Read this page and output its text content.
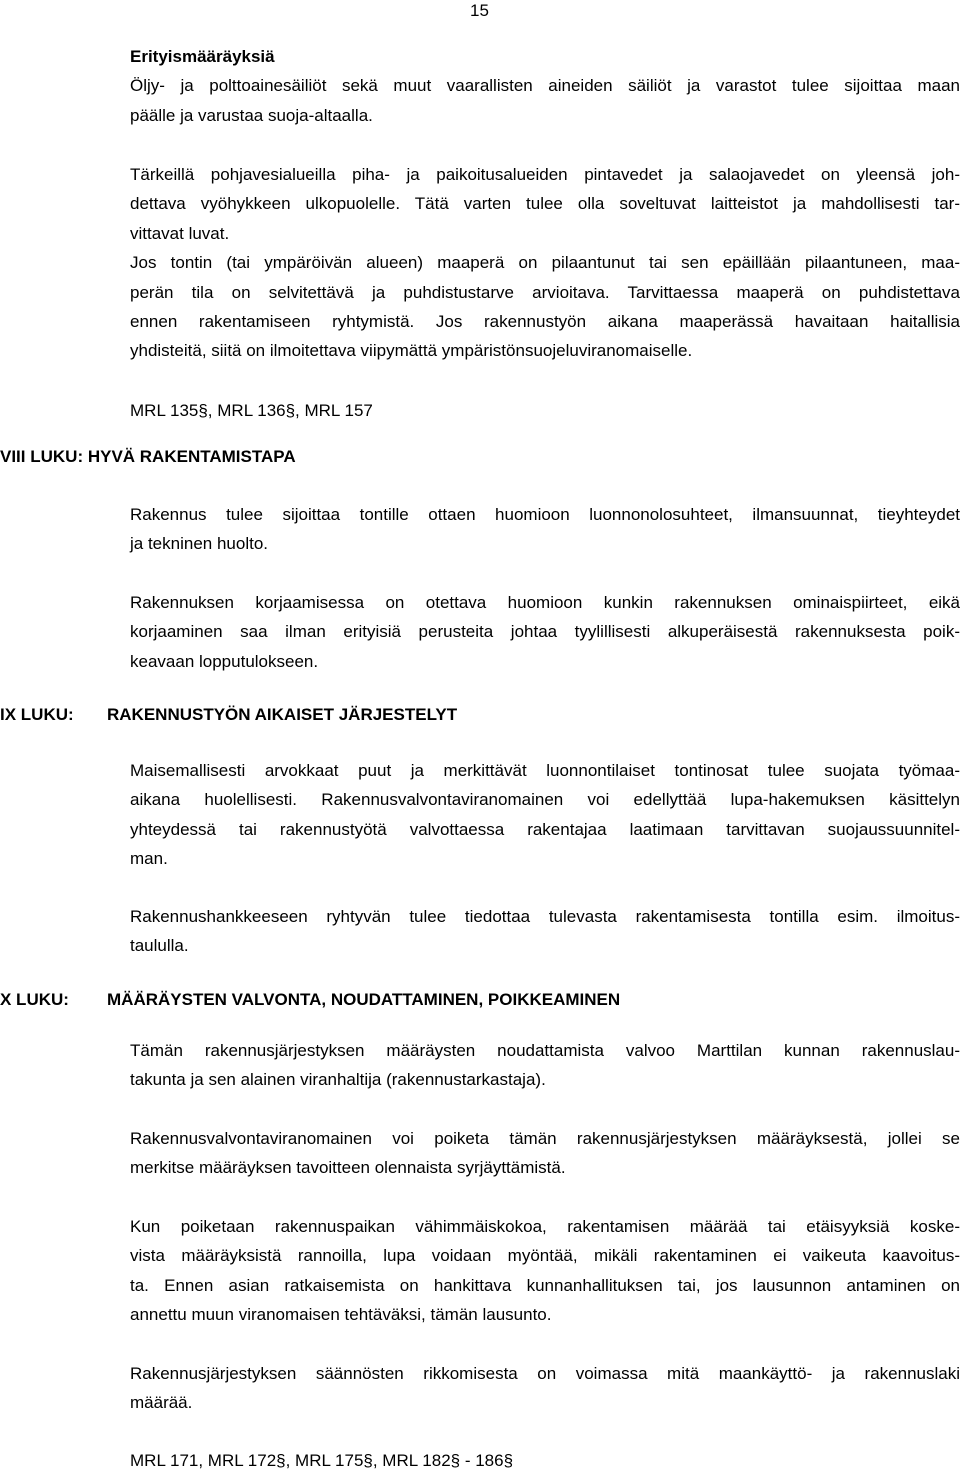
15
Erityismääräyksiä

Öljy- ja polttoainesäiliöt sekä muut vaarallisten aineiden säiliöt ja varastot tulee sijoittaa maan
päälle ja varustaa suoja-altaalla.

Tärkeillä pohjavesialueilla piha- ja paikoitusalueiden pintavedet ja salaojavedet on yleensä joh-
dettava vyöhykkeen ulkopuolelle. Tätä varten tulee olla soveltuvat laitteistot ja mahdollisesti tar-
vittavat luvat.
Jos tontin (tai ympäröivän alueen) maaperä on pilaantunut tai sen epäillään pilaantuneen, maa-
perän tila on selvitettävä ja puhdistustarve arvioitava. Tarvittaessa maaperä on puhdistettava
ennen rakentamiseen ryhtymistä. Jos rakennustyön aikana maaperässä havaitaan haitallisia
yhdisteitä, siitä on ilmoitettava viipymättä ympäristönsuojeluviranomaiselle.

MRL 135§, MRL 136§, MRL 157
VIII LUKU: HYVÄ RAKENTAMISTAPA

Rakennus tulee sijoittaa tontille ottaen huomioon luonnonolosuhteet, ilmansuunnat, tieyhteydet
ja tekninen huolto.

Rakennuksen korjaamisessa on otettava huomioon kunkin rakennuksen ominaispiirteet, eikä
korjaaminen saa ilman erityisiä perusteita johtaa tyylillisesti alkuperäisestä rakennuksesta poik-
keavaan lopputulokseen.

IX LUKU: RAKENNUSTYÖN AIKAISET JÄRJESTELYT

Maisemallisesti arvokkaat puut ja merkittävät luonnontilaiset tontinosat tulee suojata työmaa-
aikana huolellisesti. Rakennusvalvontaviranomainen voi edellyttää lupa-hakemuksen käsittelyn
yhteydessä tai rakennustyötä valvottaessa rakentajaa laatimaan tarvittavan suojaussuunnitel-
man.

Rakennushankkeeseen ryhtyvän tulee tiedottaa tulevasta rakentamisesta tontilla esim. ilmoitus-
taululla.

X LUKU: MÄÄRÄYSTEN VALVONTA, NOUDATTAMINEN, POIKKEAMINEN

Tämän rakennusjärjestyksen määräysten noudattamista valvoo Marttilan kunnan rakennuslau-
takunta ja sen alainen viranhaltija (rakennustarkastaja).

Rakennusvalvontaviranomainen voi poiketa tämän rakennusjärjestyksen määräyksestä, jollei se
merkitse määräyksen tavoitteen olennaista syrjäyttämistä.

Kun poiketaan rakennuspaikan vähimmäiskokoa, rakentamisen määrää tai etäisyyksiä koske-
vista määräyksistä rannoilla, lupa voidaan myöntää, mikäli rakentaminen ei vaikeuta kaavoitus-
ta. Ennen asian ratkaisemista on hankittava kunnanhallituksen tai, jos lausunnon antaminen on
annettu muun viranomaisen tehtäväksi, tämän lausunto.

Rakennusjärjestyksen säännösten rikkomisesta on voimassa mitä maankäyttö- ja rakennuslaki
määrää.

MRL 171, MRL 172§, MRL 175§, MRL 182§ - 186§
